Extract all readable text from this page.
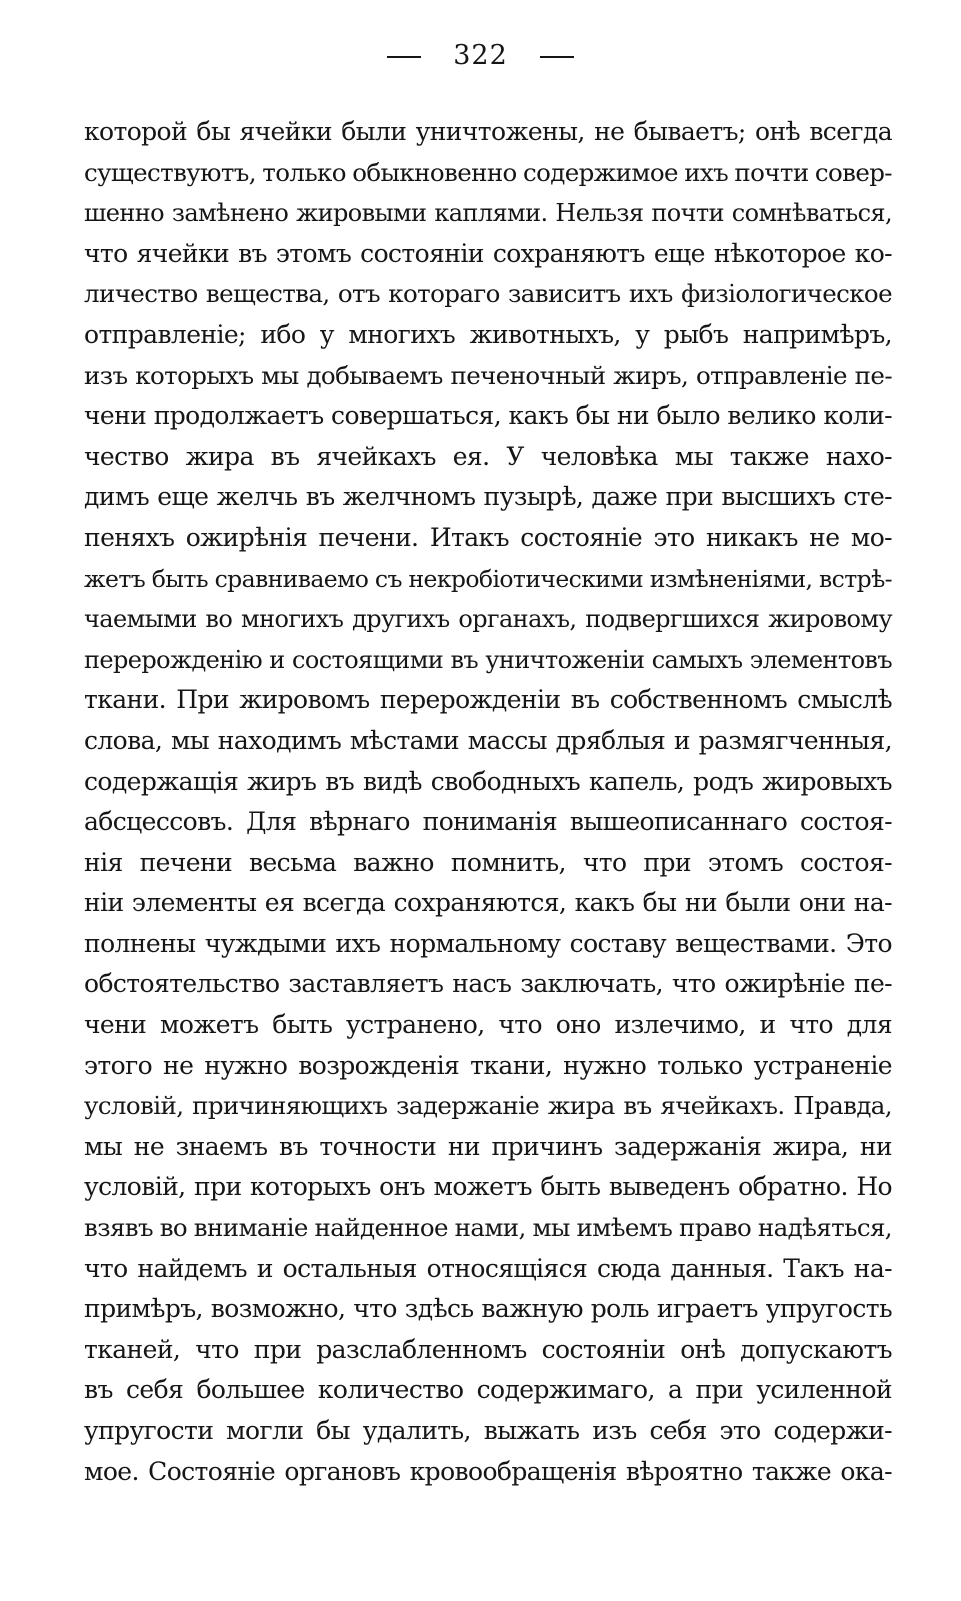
322
которой бы ячейки были уничтожены, не бываетъ; онѣ всегда
существуютъ, только обыкновенно содержимое ихъ почти совер-
шенно замѣнено жировыми каплями. Нельзя почти сомнѣваться,
что ячейки въ этомъ состояніи сохраняютъ еще нѣкоторое ко-
личество вещества, отъ котораго зависитъ ихъ физіологическое
отправленіе; ибо у многихъ животныхъ, у рыбъ напримѣръ,
изъ которыхъ мы добываемъ печеночный жиръ, отправленіе пе-
чени продолжаетъ совершаться, какъ бы ни было велико коли-
чество жира въ ячейкахъ ея. У человѣка мы также нахо-
димъ еще желчь въ желчномъ пузырѣ, даже при высшихъ сте-
пеняхъ ожирѣнія печени. Итакъ состояніе это никакъ не мо-
жетъ быть сравниваемо съ некробіотическими измѣненіями, встрѣ-
чаемыми во многихъ другихъ органахъ, подвергшихся жировому
перерожденію и состоящими въ уничтоженіи самыхъ элементовъ
ткани. При жировомъ перерожденіи въ собственномъ смыслѣ
слова, мы находимъ мѣстами массы дряблыя и размягченныя,
содержащія жиръ въ видѣ свободныхъ капель, родъ жировыхъ
абсцессовъ. Для вѣрнаго пониманія вышеописаннаго состоя-
нія печени весьма важно помнить, что при этомъ состоя-
ніи элементы ея всегда сохраняются, какъ бы ни были они на-
полнены чуждыми ихъ нормальному составу веществами. Это
обстоятельство заставляетъ насъ заключать, что ожирѣніе пе-
чени можетъ быть устранено, что оно излечимо, и что для
этого не нужно возрожденія ткани, нужно только устраненіе
условій, причиняющихъ задержаніе жира въ ячейкахъ. Правда,
мы не знаемъ въ точности ни причинъ задержанія жира, ни
условій, при которыхъ онъ можетъ быть выведенъ обратно. Но
взявъ во вниманіе найденное нами, мы имѣемъ право надѣяться,
что найдемъ и остальныя относящіяся сюда данныя. Такъ на-
примѣръ, возможно, что здѣсь важную роль играетъ упругость
тканей, что при разслабленномъ состояніи онѣ допускаютъ
въ себя большее количество содержимаго, а при усиленной
упругости могли бы удалить, выжать изъ себя это содержи-
мое. Состояніе органовъ кровообращенія вѣроятно также ока-
